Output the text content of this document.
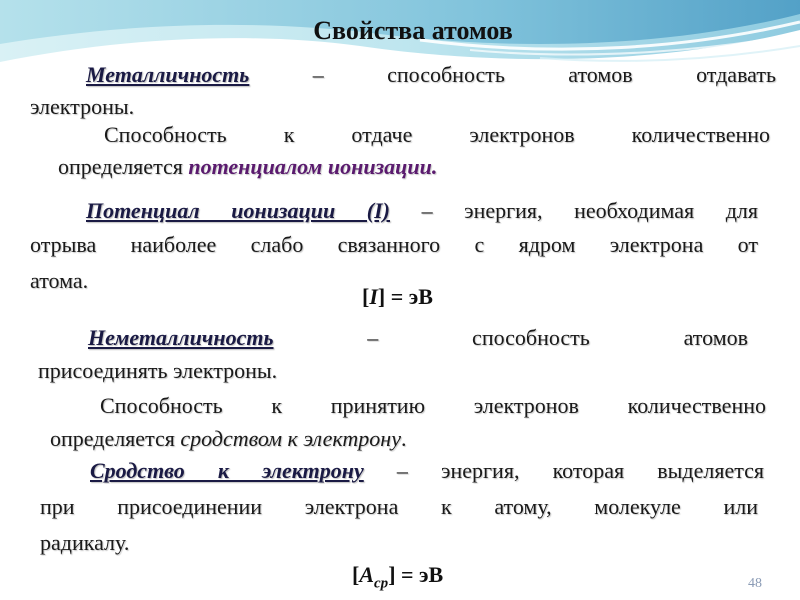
Свойства атомов
Металличность	– способность атомов отдавать
электроны.
Способность к отдаче электронов количественно
определяется потенциалом ионизации.
Потенциал ионизации (I) – энергия, необходимая для
отрыва наиболее слабо связанного с ядром электрона от
атома.
[I] = эВ
Неметалличность	– способность атомов
присоединять электроны.
Способность к принятию электронов количественно
определяется сродством к электрону.
Сродство к электрону – энергия, которая выделяется
при присоединении электрона к атому, молекуле или
радикалу.
$[A_{ср}]$ = эВ	48
